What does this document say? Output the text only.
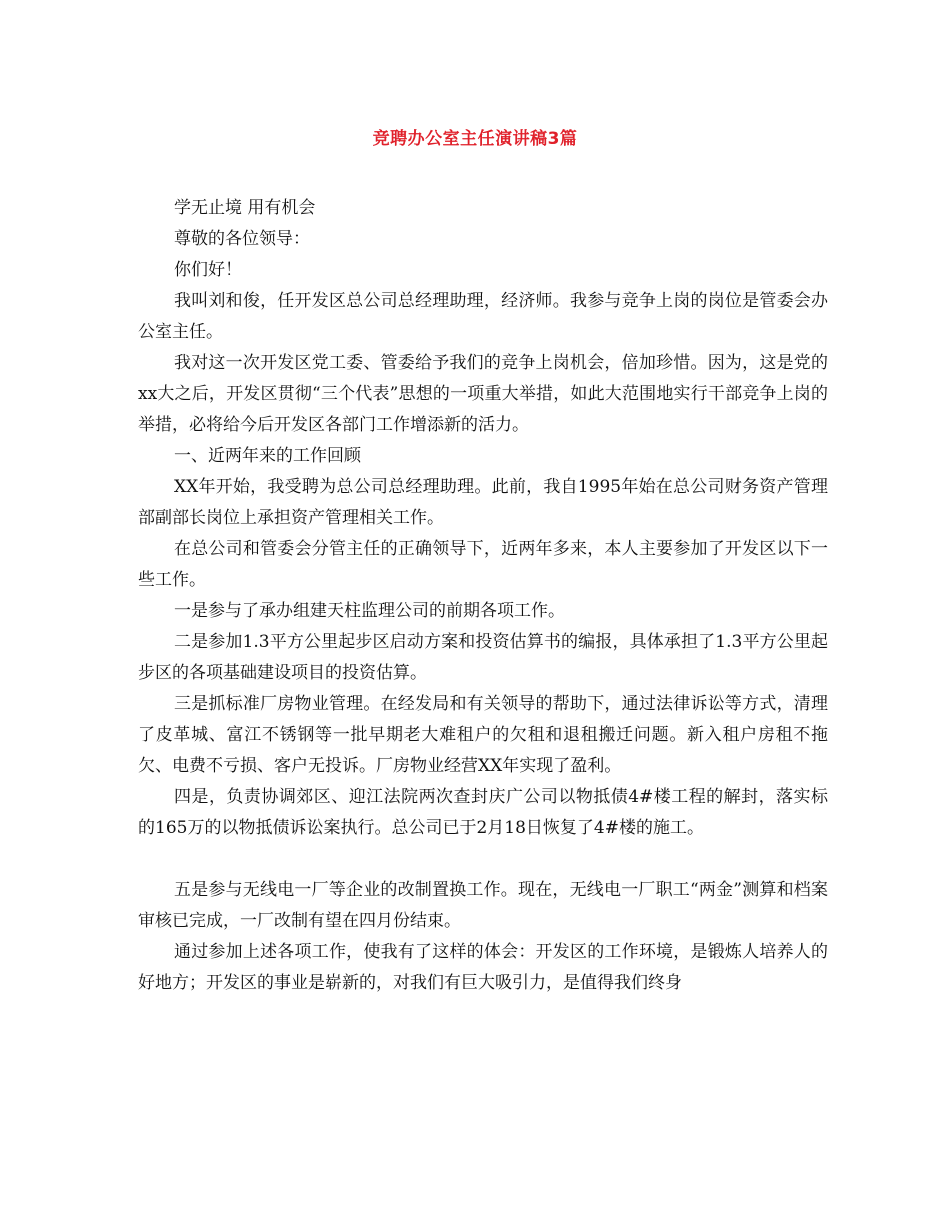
竞聘办公室主任演讲稿3篇

学无止境 用有机会

尊敬的各位领导：

你们好！

我叫刘和俊，任开发区总公司总经理助理，经济师。我参与竞争上岗的岗位是管委会办公室主任。

我对这一次开发区党工委、管委给予我们的竞争上岗机会，倍加珍惜。因为，这是党的xx大之后，开发区贯彻“三个代表”思想的一项重大举措，如此大范围地实行干部竞争上岗的举措，必将给今后开发区各部门工作增添新的活力。

一、近两年来的工作回顾

XX年开始，我受聘为总公司总经理助理。此前，我自1995年始在总公司财务资产管理部副部长岗位上承担资产管理相关工作。

在总公司和管委会分管主任的正确领导下，近两年多来，本人主要参加了开发区以下一些工作。

一是参与了承办组建天柱监理公司的前期各项工作。

二是参加1.3平方公里起步区启动方案和投资估算书的编报，具体承担了1.3平方公里起步区的各项基础建设项目的投资估算。

三是抓标准厂房物业管理。在经发局和有关领导的帮助下，通过法律诉讼等方式，清理了皮革城、富江不锈钢等一批早期老大难租户的欠租和退租搬迁问题。新入租户房租不拖欠、电费不亏损、客户无投诉。厂房物业经营XX年实现了盈利。

四是，负责协调郊区、迎江法院两次查封庆广公司以物抵债4#楼工程的解封，落实标的165万的以物抵债诉讼案执行。总公司已于2月18日恢复了4#楼的施工。

五是参与无线电一厂等企业的改制置换工作。现在，无线电一厂职工“两金”测算和档案审核已完成，一厂改制有望在四月份结束。

通过参加上述各项工作，使我有了这样的体会：开发区的工作环境，是锻炼人培养人的好地方；开发区的事业是崭新的，对我们有巨大吸引力，是值得我们终身
